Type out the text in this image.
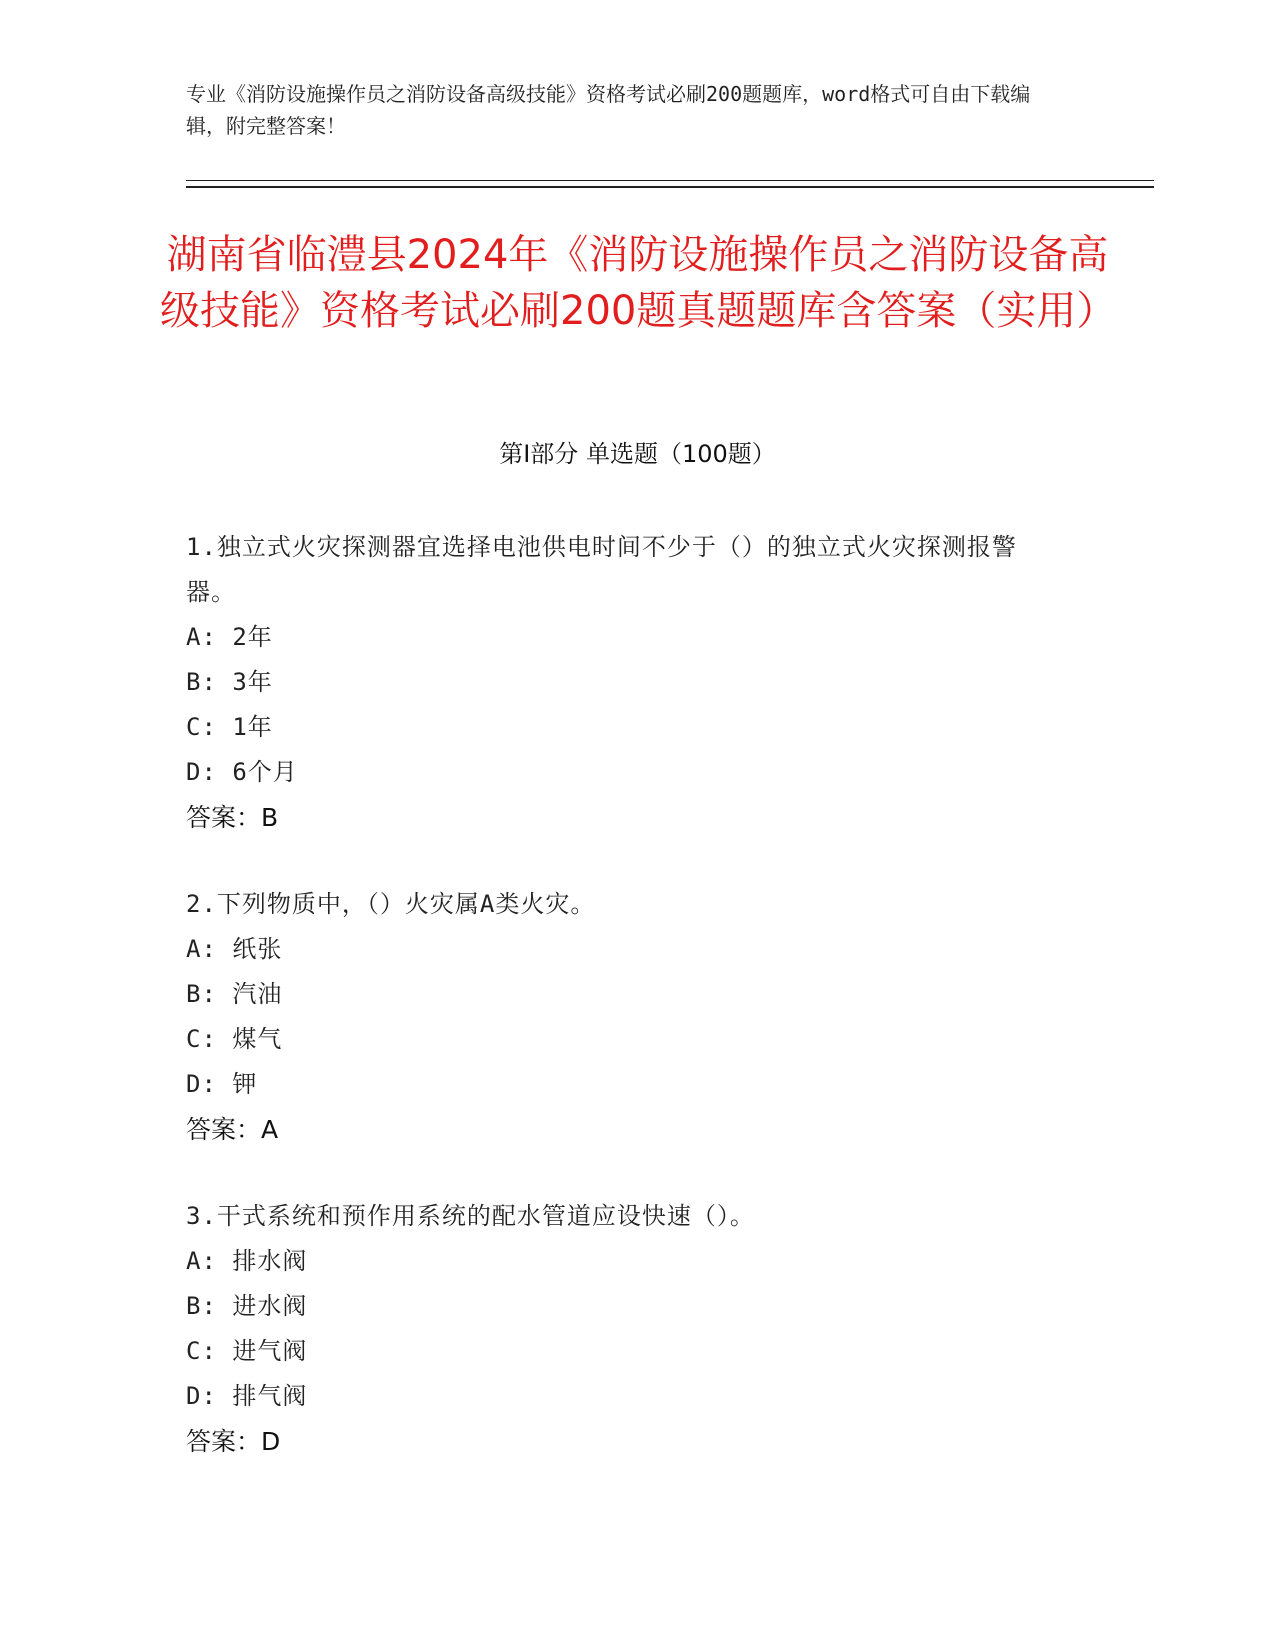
专业《消防设施操作员之消防设备高级技能》资格考试必刷200题题库，word格式可自由下载编辑，附完整答案！
湖南省临澧县2024年《消防设施操作员之消防设备高级技能》资格考试必刷200题真题题库含答案（实用）
第I部分 单选题（100题）
1.独立式火灾探测器宜选择电池供电时间不少于（）的独立式火灾探测报警器。
A: 2年
B: 3年
C: 1年
D: 6个月
答案：B
2.下列物质中，（）火灾属A类火灾。
A: 纸张
B: 汽油
C: 煤气
D: 钾
答案：A
3.干式系统和预作用系统的配水管道应设快速（）。
A: 排水阀
B: 进水阀
C: 进气阀
D: 排气阀
答案：D
